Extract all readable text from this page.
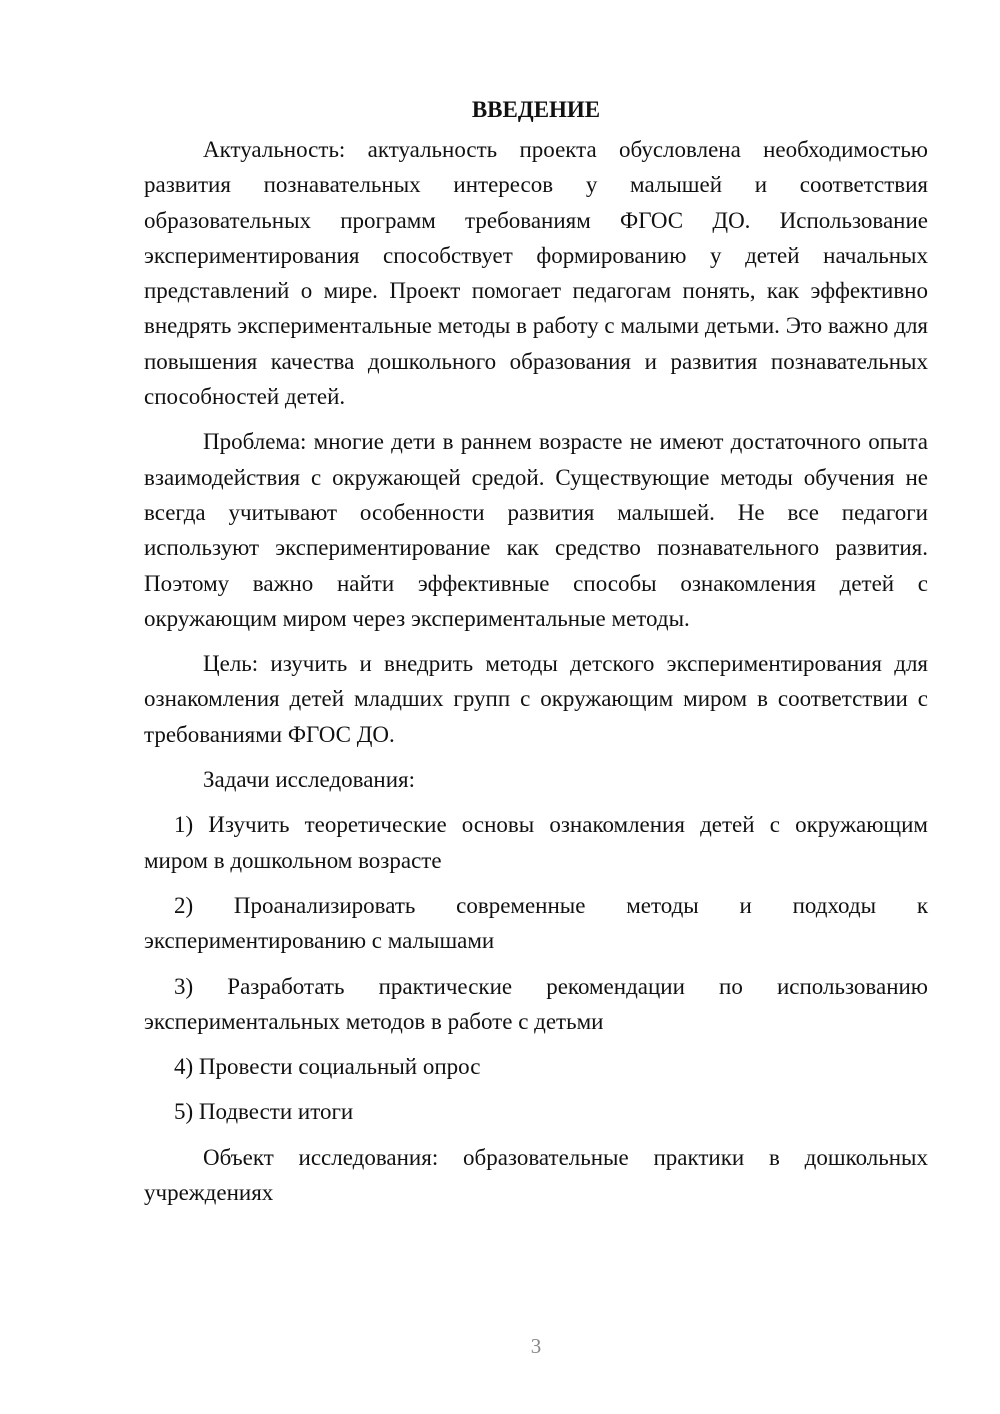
ВВЕДЕНИЕ

Актуальность: актуальность проекта обусловлена необходимостью развития познавательных интересов у малышей и соответствия образовательных программ требованиям ФГОС ДО. Использование экспериментирования способствует формированию у детей начальных представлений о мире. Проект помогает педагогам понять, как эффективно внедрять экспериментальные методы в работу с малыми детьми. Это важно для повышения качества дошкольного образования и развития познавательных способностей детей.

Проблема: многие дети в раннем возрасте не имеют достаточного опыта взаимодействия с окружающей средой. Существующие методы обучения не всегда учитывают особенности развития малышей. Не все педагоги используют экспериментирование как средство познавательного развития. Поэтому важно найти эффективные способы ознакомления детей с окружающим миром через экспериментальные методы.

Цель: изучить и внедрить методы детского экспериментирования для ознакомления детей младших групп с окружающим миром в соответствии с требованиями ФГОС ДО.

Задачи исследования:

1) Изучить теоретические основы ознакомления детей с окружающим миром в дошкольном возрасте

2) Проанализировать современные методы и подходы к экспериментированию с малышами

3) Разработать практические рекомендации по использованию экспериментальных методов в работе с детьми

4) Провести социальный опрос

5) Подвести итоги

Объект исследования: образовательные практики в дошкольных учреждениях

3
